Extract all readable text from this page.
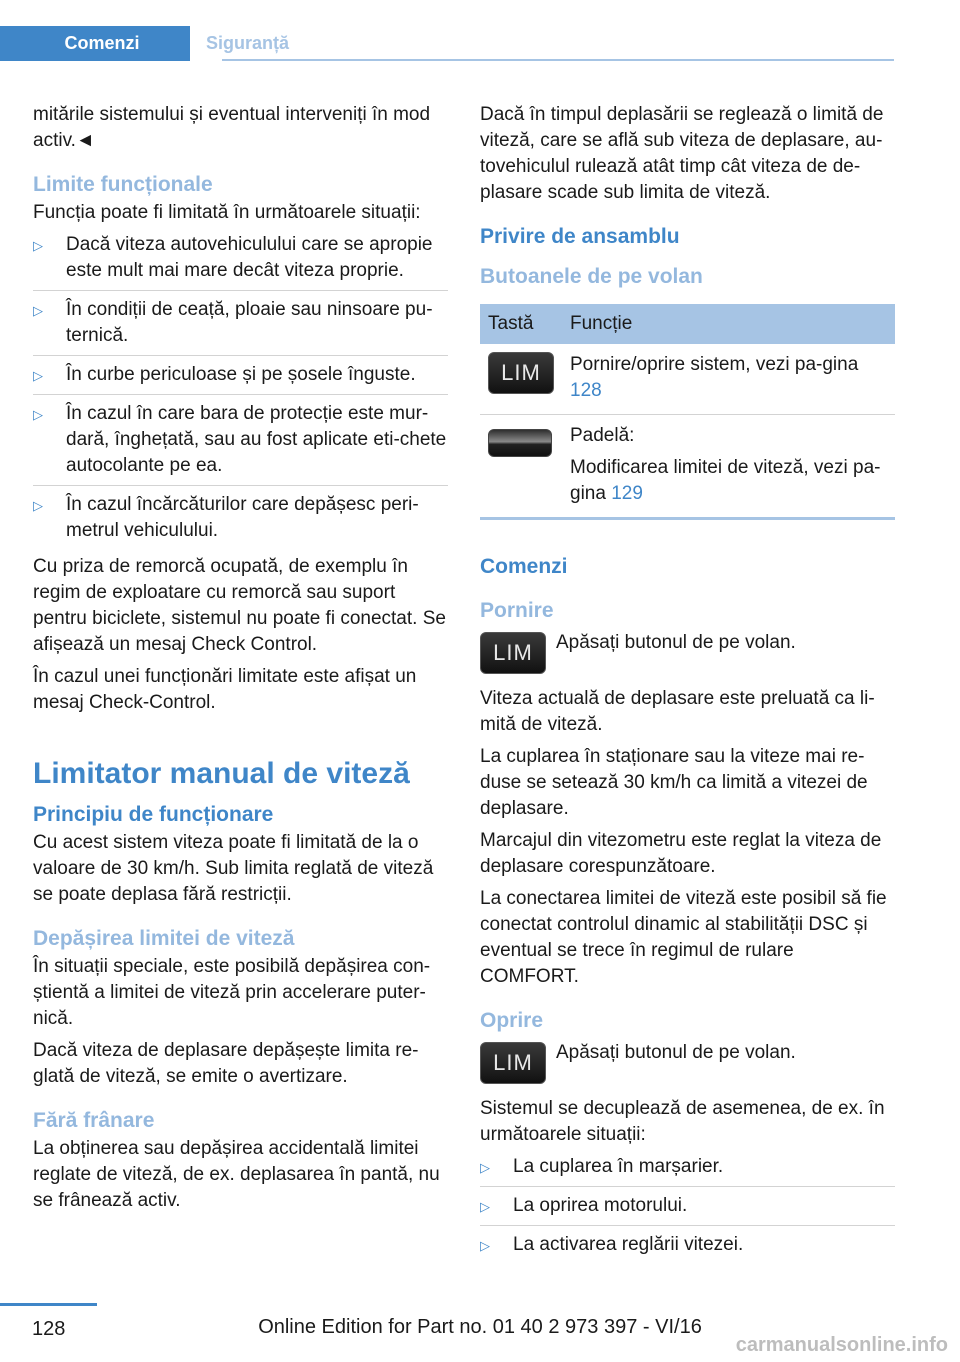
Comenzi	Siguranță

mitările sistemului și eventual interveniți în mod activ.◄

Limite funcționale

Funcția poate fi limitată în următoarele situații:

▷ Dacă viteza autovehiculului care se apropie este mult mai mare decât viteza proprie.
▷ În condiții de ceață, ploaie sau ninsoare pu-ternică.
▷ În curbe periculoase și pe șosele înguste.
▷ În cazul în care bara de protecție este mur-dară, înghețată, sau au fost aplicate eti-chete autocolante pe ea.
▷ În cazul încărcăturilor care depășesc peri-metrul vehiculului.

Cu priza de remorcă ocupată, de exemplu în regim de exploatare cu remorcă sau suport pentru biciclete, sistemul nu poate fi conectat. Se afișează un mesaj Check Control.

În cazul unei funcționări limitate este afișat un mesaj Check-Control.

Limitator manual de viteză
Principiu de funcționare

Cu acest sistem viteza poate fi limitată de la o valoare de 30 km/h. Sub limita reglată de viteză se poate deplasa fără restricții.

Depășirea limitei de viteză

În situații speciale, este posibilă depășirea con-știentă a limitei de viteză prin accelerare puter-nică.

Dacă viteza de deplasare depășește limita re-glată de viteză, se emite o avertizare.

Fără frânare

La obținerea sau depășirea accidentală limitei reglate de viteză, de ex. deplasarea în pantă, nu se frânează activ.

Dacă în timpul deplasării se reglează o limită de viteză, care se află sub viteza de deplasare, au-tovehiculul rulează atât timp cât viteza de de-plasare scade sub limita de viteză.

Privire de ansamblu
Butoanele de pe volan
Tastă	Funcție

LIM	Pornire/oprire sistem, vezi pa-gina 128

	Padelă:

Modificarea limitei de viteză, vezi pa-gina 129
Comenzi
Pornire
LIM	Apăsați butonul de pe volan.

Viteza actuală de deplasare este preluată ca li-mită de viteză.

La cuplarea în staționare sau la viteze mai re-duse se setează 30 km/h ca limită a vitezei de deplasare.

Marcajul din vitezometru este reglat la viteza de deplasare corespunzătoare.

La conectarea limitei de viteză este posibil să fie conectat controlul dinamic al stabilității DSC și eventual se trece în regimul de rulare COMFORT.

Oprire
LIM	Apăsați butonul de pe volan.

Sistemul se decuplează de asemenea, de ex. în următoarele situații:

▷ La cuplarea în marșarier.
▷ La oprirea motorului.
▷ La activarea reglării vitezei.
128	Online Edition for Part no. 01 40 2 973 397 - VI/16
carmanualsonline.info
